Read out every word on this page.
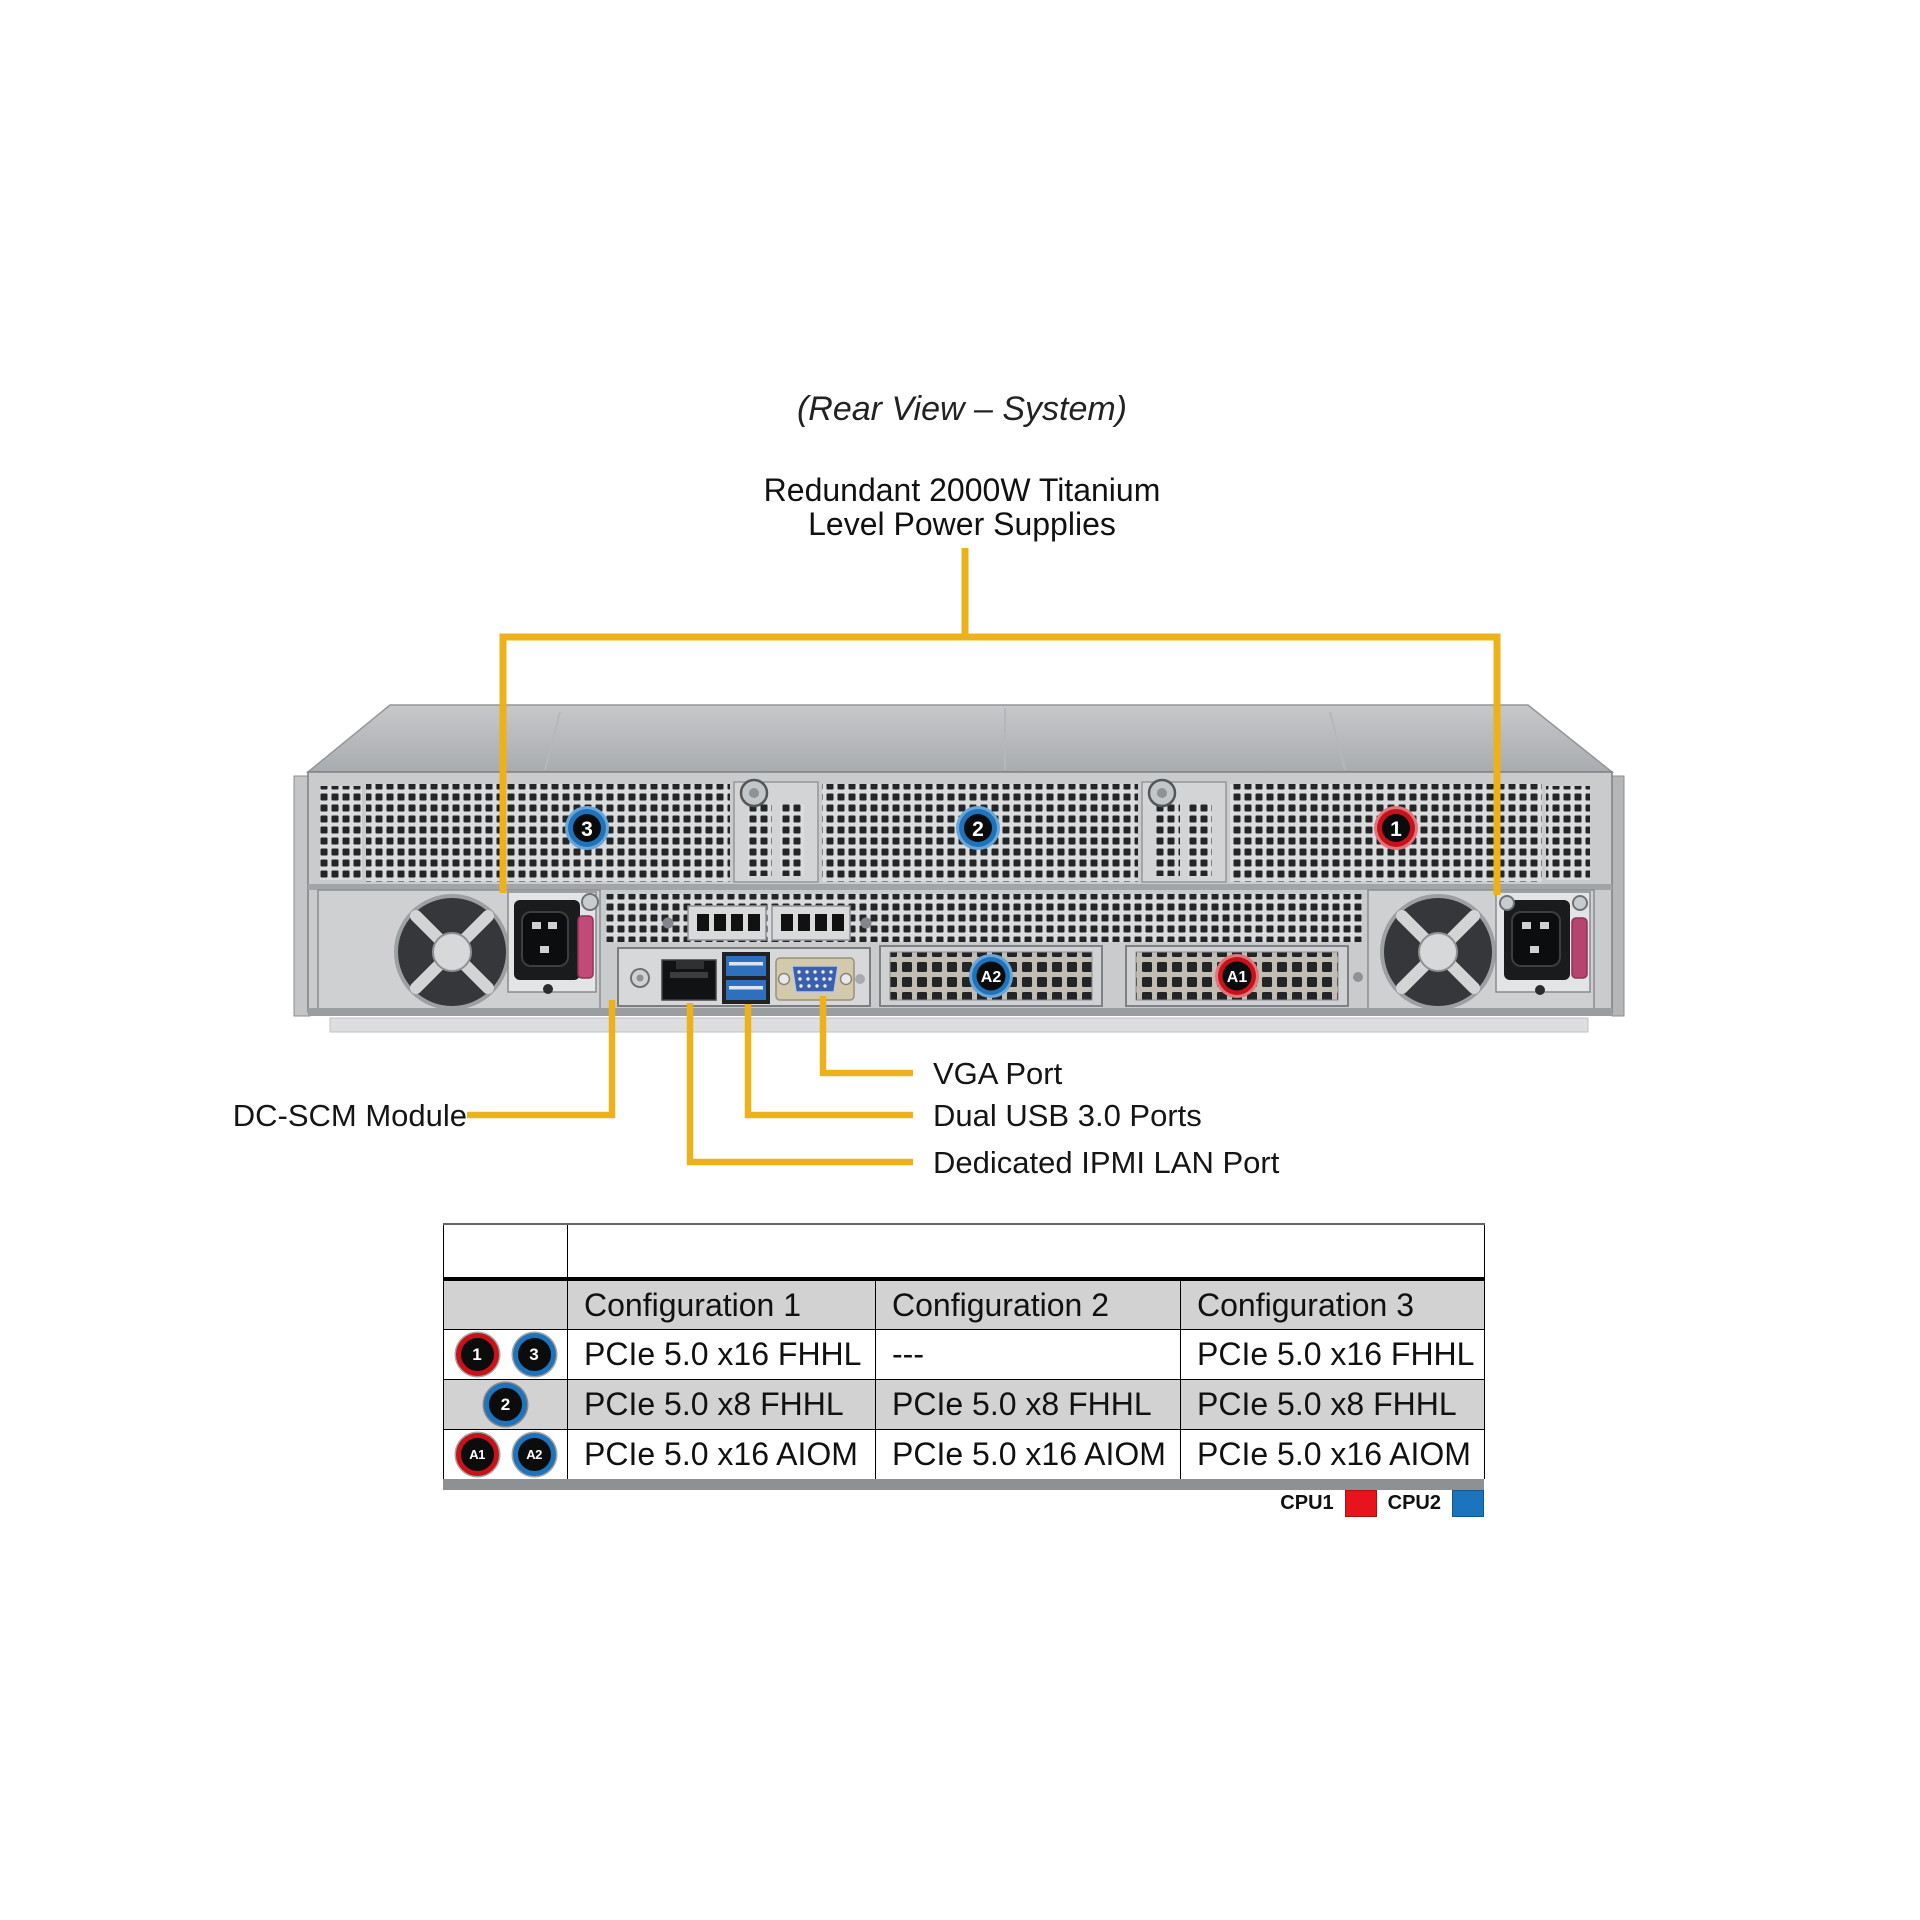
(Rear View – System)
Redundant 2000W Titanium
Level Power Supplies
3	2	1
A2	A1
DC-SCM Module
VGA Port
Dual USB 3.0 Ports
Dedicated IPMI LAN Port

	Configuration 1	Configuration 2	Configuration 3

1 3	PCIe 5.0 x16 FHHL	---	PCIe 5.0 x16 FHHL

2	PCIe 5.0 x8 FHHL	PCIe 5.0 x8 FHHL	PCIe 5.0 x8 FHHL

A1 A2	PCIe 5.0 x16 AIOM	PCIe 5.0 x16 AIOM	PCIe 5.0 x16 AIOM
CPU1	CPU2
